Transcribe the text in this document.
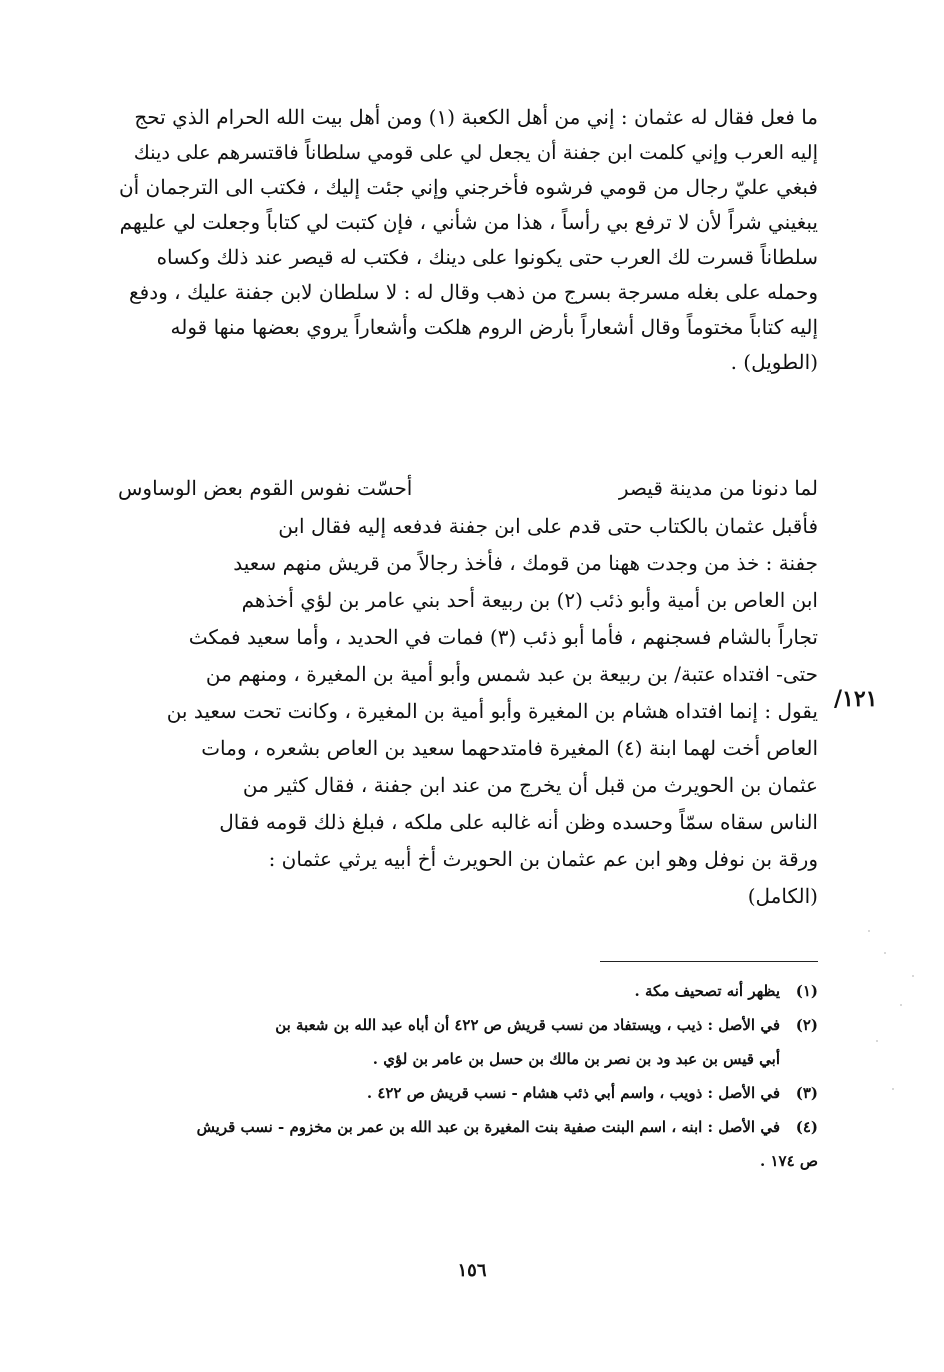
ما فعل فقال له عثمان : إني من أهل الكعبة (١) ومن أهل بيت الله الحرام الذي تحج
إليه العرب وإني كلمت ابن جفنة أن يجعل لي على قومي سلطاناً فاقتسرهم على دينك
فبغي عليّ رجال من قومي فرشوه فأخرجني وإني جئت إليك ، فكتب الى الترجمان أن
يبغيني شراً لأن لا ترفع بي رأساً ، هذا من شأني ، فإن كتبت لي كتاباً وجعلت لي عليهم
سلطاناً قسرت لك العرب حتى يكونوا على دينك ، فكتب له قيصر عند ذلك وكساه
وحمله على بغله مسرجة بسرج من ذهب وقال له : لا سلطان لابن جفنة عليك ، ودفع
إليه كتاباً مختوماً وقال أشعاراً بأرض الروم هلكت وأشعاراً يروي بعضها منها قوله
(الطويل) .
لما دنونا من مدينة قيصر
أحسّت نفوس القوم بعض الوساوس
فأقبل عثمان بالكتاب حتى قدم على ابن جفنة فدفعه إليه فقال ابن
جفنة : خذ من وجدت ههنا من قومك ، فأخذ رجالاً من قريش منهم سعيد
ابن العاص بن أمية وأبو ذئب (٢) بن ربيعة أحد بني عامر بن لؤي أخذهم
تجاراً بالشام فسجنهم ، فأما أبو ذئب (٣) فمات في الحديد ، وأما سعيد فمكث
حتى- افتداه عتبة/ بن ربيعة بن عبد شمس وأبو أمية بن المغيرة ، ومنهم من
يقول : إنما افتداه هشام بن المغيرة وأبو أمية بن المغيرة ، وكانت تحت سعيد بن
العاص أخت لهما ابنة (٤) المغيرة فامتدحهما سعيد بن العاص بشعره ، ومات
عثمان بن الحويرث من قبل أن يخرج من عند ابن جفنة ، فقال كثير من
الناس سقاه سمّاً وحسده وظن أنه غالبه على ملكه ، فبلغ ذلك قومه فقال
ورقة بن نوفل وهو ابن عم عثمان بن الحويرث أخ أبيه يرثي عثمان :
(الكامل)
١٢١/
(١)يظهر أنه تصحيف مكة .
(٢)في الأصل : ذيب ، ويستفاد من نسب قريش ص ٤٢٢ أن أباه عبد الله بن شعبة بن
أبي قيس بن عبد ود بن نصر بن مالك بن حسل بن عامر بن لؤي .
(٣)في الأصل : ذويب ، واسم أبي ذئب هشام - نسب قريش ص ٤٢٢ .
(٤)في الأصل : ابنه ، اسم البنت صفية بنت المغيرة بن عبد الله بن عمر بن مخزوم - نسب قريش
ص ١٧٤ .
١٥٦
